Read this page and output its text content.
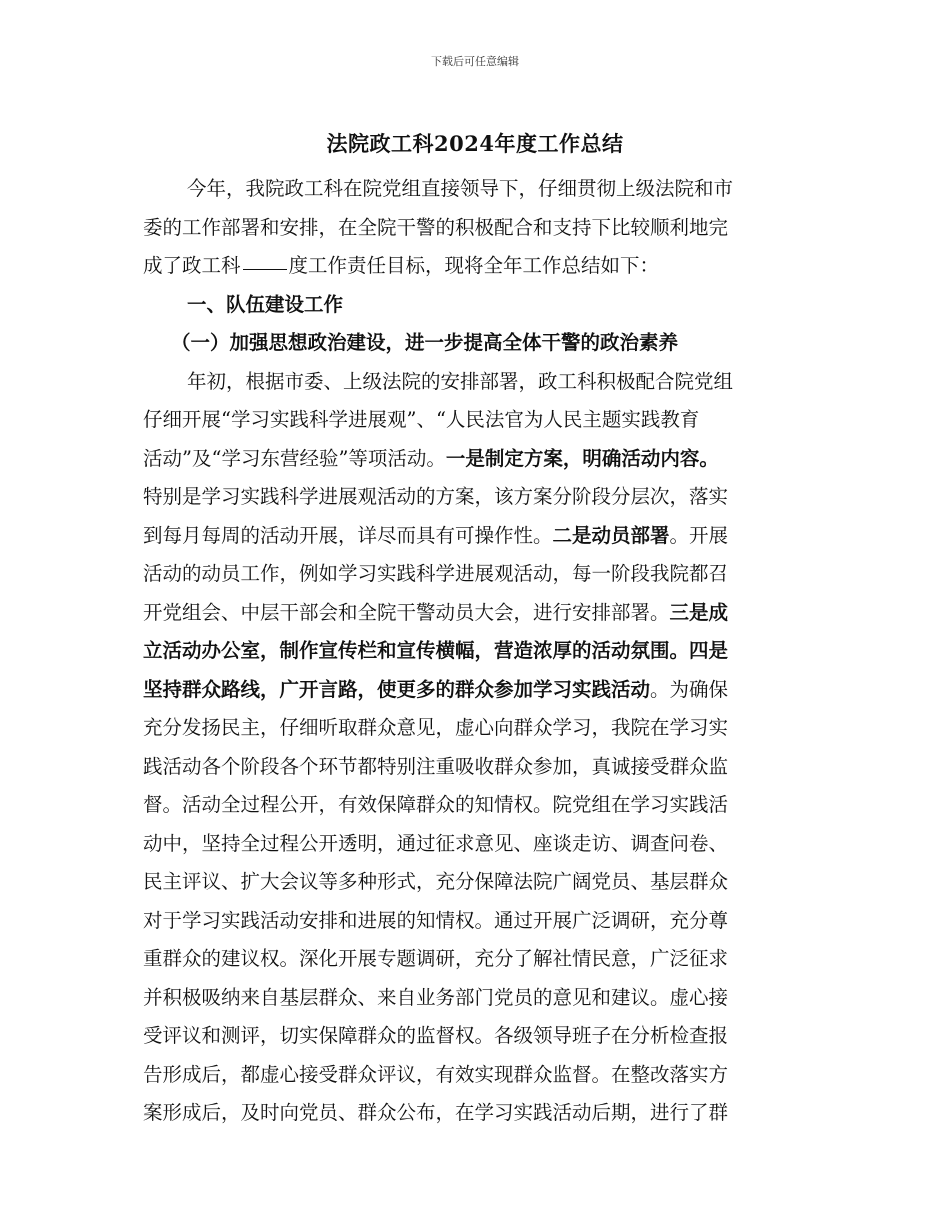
下载后可任意编辑
法院政工科2024年度工作总结
今年，我院政工科在院党组直接领导下，仔细贯彻上级法院和市
委的工作部署和安排，在全院干警的积极配合和支持下比较顺利地完
成了政工科 度工作责任目标，现将全年工作总结如下：
一、队伍建设工作
（一）加强思想政治建设，进一步提高全体干警的政治素养
年初，根据市委、上级法院的安排部署，政工科积极配合院党组
仔细开展“学习实践科学进展观”、“人民法官为人民主题实践教育
活动”及“学习东营经验”等项活动。 一是制定方案，明确活动内容。
特别是学习实践科学进展观活动的方案，该方案分阶段分层次，落实
到每月每周的活动开展，详尽而具有可操作性。 二是动员部署 。开展
活动的动员工作，例如学习实践科学进展观活动，每一阶段我院都召
开党组会、中层干部会和全院干警动员大会，进行安排部署。 三是成
立活动办公室，制作宣传栏和宣传横幅，营造浓厚的活动氛围。四是
坚持群众路线，广开言路，使更多的群众参加学习实践活动 。为确保
充分发扬民主，仔细听取群众意见，虚心向群众学习，我院在学习实
践活动各个阶段各个环节都特别注重吸收群众参加，真诚接受群众监
督。活动全过程公开，有效保障群众的知情权。院党组在学习实践活
动中，坚持全过程公开透明，通过征求意见、座谈走访、调查问卷、
民主评议、扩大会议等多种形式，充分保障法院广阔党员、基层群众
对于学习实践活动安排和进展的知情权。通过开展广泛调研，充分尊
重群众的建议权。深化开展专题调研，充分了解社情民意，广泛征求
并积极吸纳来自基层群众、来自业务部门党员的意见和建议。虚心接
受评议和测评，切实保障群众的监督权。各级领导班子在分析检查报
告形成后，都虚心接受群众评议，有效实现群众监督。在整改落实方
案形成后，及时向党员、群众公布，在学习实践活动后期，进行了群
